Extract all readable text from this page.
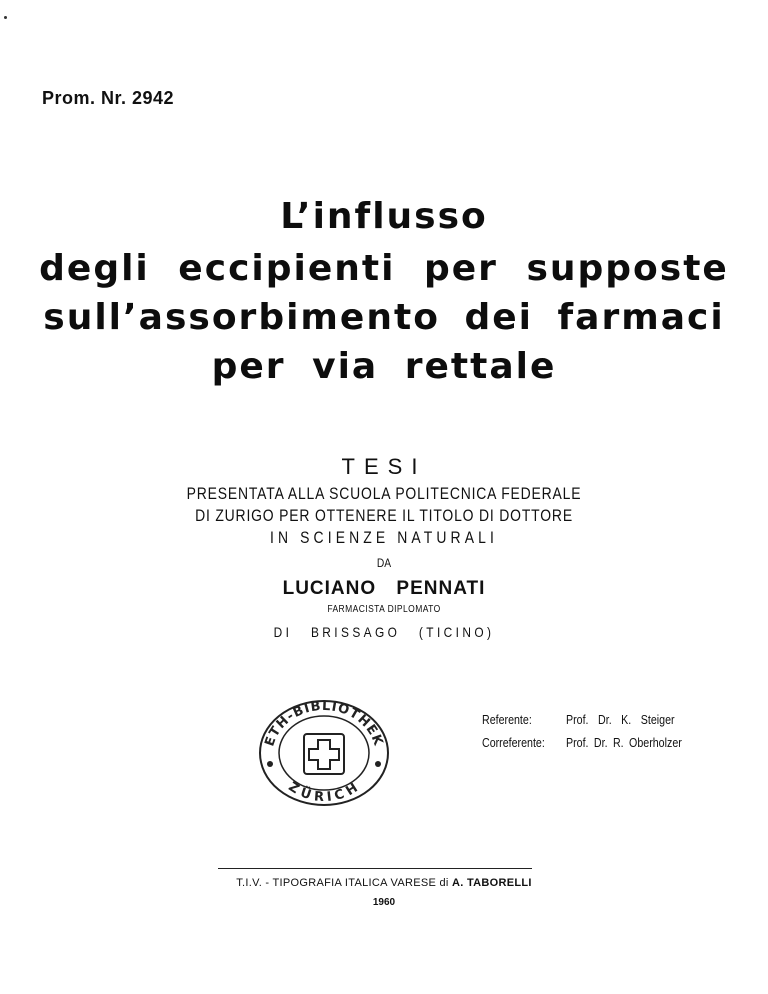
Prom. Nr. 2942
L’influsso
degli eccipienti per supposte
sull’assorbimento dei farmaci
per via rettale
TESI
PRESENTATA ALLA SCUOLA POLITECNICA FEDERALE
DI ZURIGO PER OTTENERE IL TITOLO DI DOTTORE
IN SCIENZE NATURALI
DA
LUCIANO PENNATI
FARMACISTA DIPLOMATO
DI BRISSAGO (TICINO)
Referente:	Prof. Dr. K. Steiger
Correferente: Prof. Dr. R. Oberholzer
ETH-BIBLIOTHEK
ZÜRICH
T.I.V. - TIPOGRAFIA ITALICA VARESE di A. TABORELLI
1960
